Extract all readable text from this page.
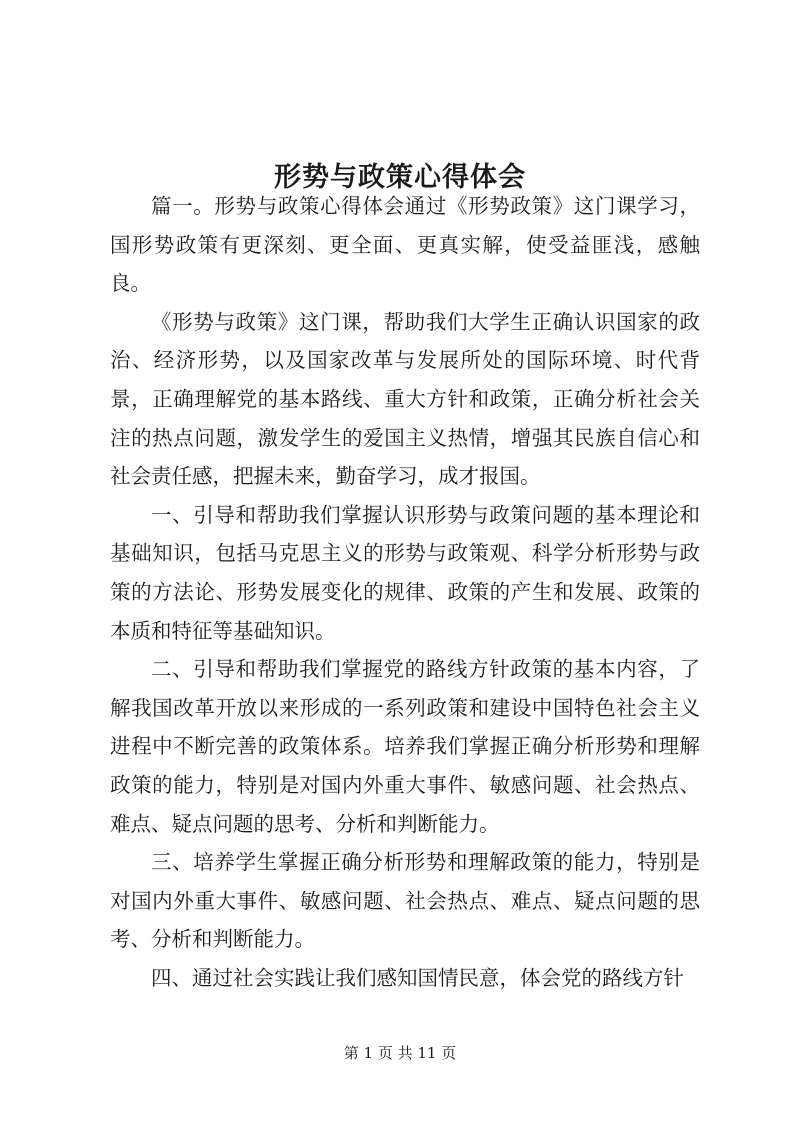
形势与政策心得体会

篇一。形势与政策心得体会通过《形势政策》这门课学习，国形势政策有更深刻、更全面、更真实解，使受益匪浅，感触良。

《形势与政策》这门课，帮助我们大学生正确认识国家的政治、经济形势，以及国家改革与发展所处的国际环境、时代背景，正确理解党的基本路线、重大方针和政策，正确分析社会关注的热点问题，激发学生的爱国主义热情，增强其民族自信心和社会责任感，把握未来，勤奋学习，成才报国。

一、引导和帮助我们掌握认识形势与政策问题的基本理论和基础知识，包括马克思主义的形势与政策观、科学分析形势与政策的方法论、形势发展变化的规律、政策的产生和发展、政策的本质和特征等基础知识。

二、引导和帮助我们掌握党的路线方针政策的基本内容，了解我国改革开放以来形成的一系列政策和建设中国特色社会主义进程中不断完善的政策体系。培养我们掌握正确分析形势和理解政策的能力，特别是对国内外重大事件、敏感问题、社会热点、难点、疑点问题的思考、分析和判断能力。

三、培养学生掌握正确分析形势和理解政策的能力，特别是对国内外重大事件、敏感问题、社会热点、难点、疑点问题的思考、分析和判断能力。

四、通过社会实践让我们感知国情民意，体会党的路线方针

第 1 页 共 11 页
